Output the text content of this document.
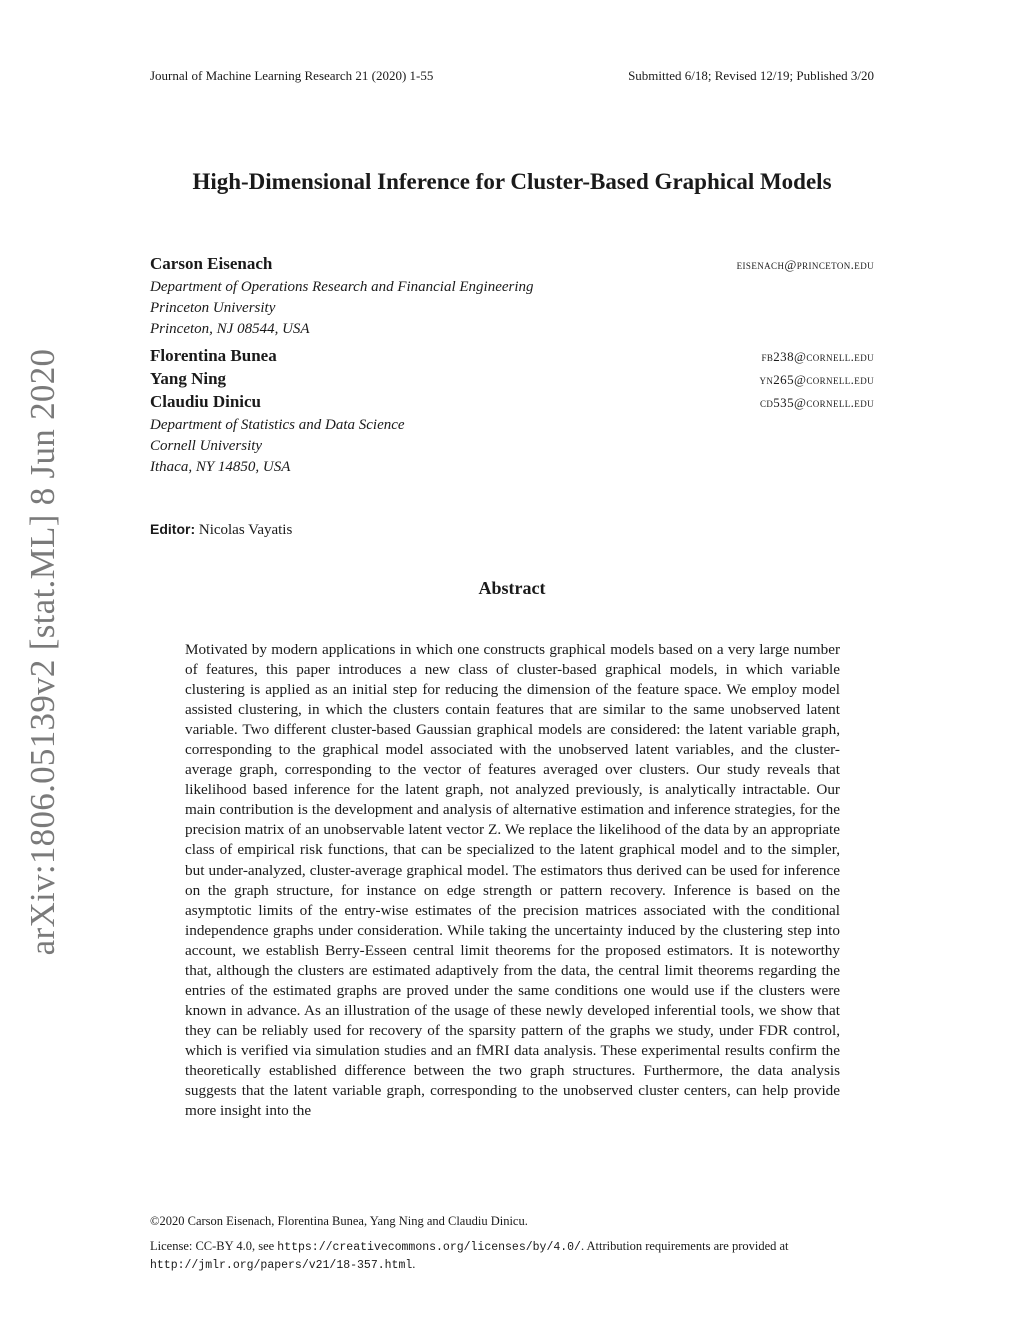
Journal of Machine Learning Research 21 (2020) 1-55	Submitted 6/18; Revised 12/19; Published 3/20
High-Dimensional Inference for Cluster-Based Graphical Models
Carson Eisenach	eisenach@princeton.edu
Department of Operations Research and Financial Engineering
Princeton University
Princeton, NJ 08544, USA
Florentina Bunea	fb238@cornell.edu
Yang Ning	yn265@cornell.edu
Claudiu Dinicu	cd535@cornell.edu
Department of Statistics and Data Science
Cornell University
Ithaca, NY 14850, USA
Editor: Nicolas Vayatis
Abstract
Motivated by modern applications in which one constructs graphical models based on a very large number of features, this paper introduces a new class of cluster-based graphical models, in which variable clustering is applied as an initial step for reducing the dimension of the feature space. We employ model assisted clustering, in which the clusters contain features that are similar to the same unobserved latent variable. Two different cluster-based Gaussian graphical models are considered: the latent variable graph, corresponding to the graphical model associated with the unobserved latent variables, and the cluster-average graph, corresponding to the vector of features averaged over clusters. Our study reveals that likelihood based inference for the latent graph, not analyzed previously, is analytically intractable. Our main contribution is the development and analysis of alternative estimation and inference strategies, for the precision matrix of an unobservable latent vector Z. We replace the likelihood of the data by an appropriate class of empirical risk functions, that can be specialized to the latent graphical model and to the simpler, but under-analyzed, cluster-average graphical model. The estimators thus derived can be used for inference on the graph structure, for instance on edge strength or pattern recovery. Inference is based on the asymptotic limits of the entry-wise estimates of the precision matrices associated with the conditional independence graphs under consideration. While taking the uncertainty induced by the clustering step into account, we establish Berry-Esseen central limit theorems for the proposed estimators. It is noteworthy that, although the clusters are estimated adaptively from the data, the central limit theorems regarding the entries of the estimated graphs are proved under the same conditions one would use if the clusters were known in advance. As an illustration of the usage of these newly developed inferential tools, we show that they can be reliably used for recovery of the sparsity pattern of the graphs we study, under FDR control, which is verified via simulation studies and an fMRI data analysis. These experimental results confirm the theoretically established difference between the two graph structures. Furthermore, the data analysis suggests that the latent variable graph, corresponding to the unobserved cluster centers, can help provide more insight into the
©2020 Carson Eisenach, Florentina Bunea, Yang Ning and Claudiu Dinicu.
License: CC-BY 4.0, see https://creativecommons.org/licenses/by/4.0/. Attribution requirements are provided at http://jmlr.org/papers/v21/18-357.html.
arXiv:1806.05139v2 [stat.ML] 8 Jun 2020
